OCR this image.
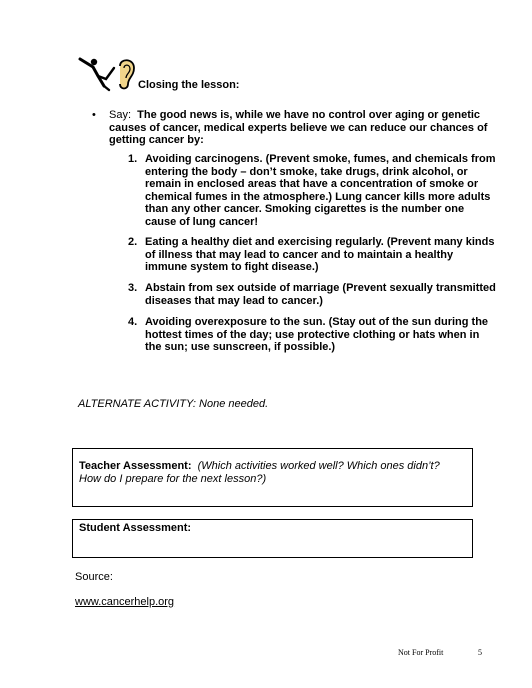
Closing the lesson:
• Say: The good news is, while we have no control over aging or genetic causes of cancer, medical experts believe we can reduce our chances of getting cancer by:
1. Avoiding carcinogens. (Prevent smoke, fumes, and chemicals from entering the body – don’t smoke, take drugs, drink alcohol, or remain in enclosed areas that have a concentration of smoke or chemical fumes in the atmosphere.) Lung cancer kills more adults than any other cancer. Smoking cigarettes is the number one cause of lung cancer!
2. Eating a healthy diet and exercising regularly. (Prevent many kinds of illness that may lead to cancer and to maintain a healthy immune system to fight disease.)
3. Abstain from sex outside of marriage (Prevent sexually transmitted diseases that may lead to cancer.)
4. Avoiding overexposure to the sun. (Stay out of the sun during the hottest times of the day; use protective clothing or hats when in the sun; use sunscreen, if possible.)
ALTERNATE ACTIVITY: None needed.
Teacher Assessment: (Which activities worked well? Which ones didn’t? How do I prepare for the next lesson?)
Student Assessment:
Source:
www.cancerhelp.org
Not For Profit	5
